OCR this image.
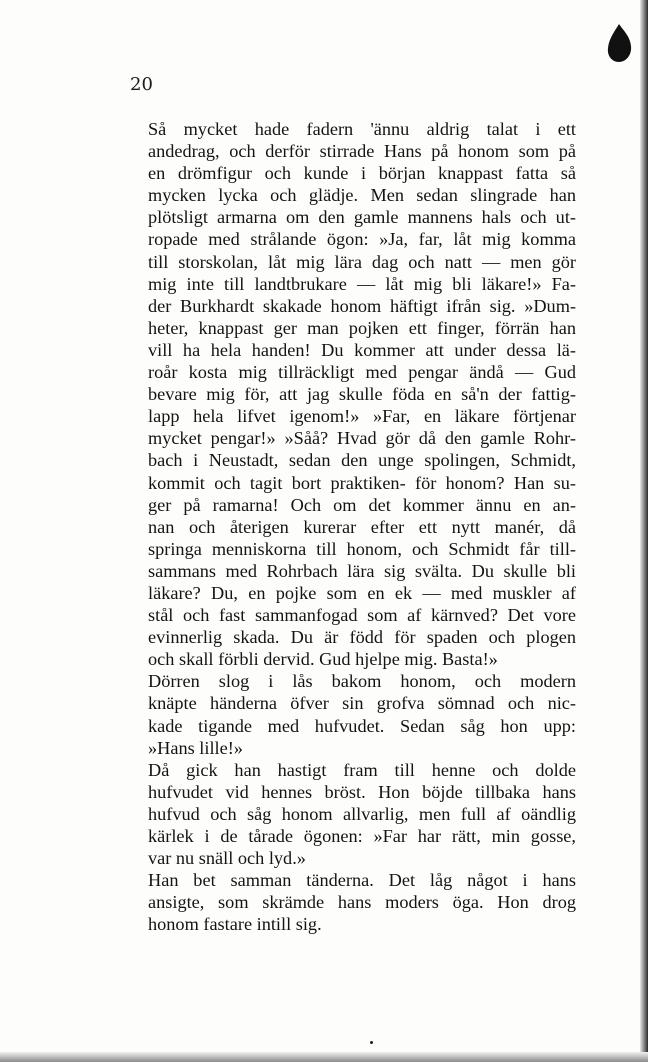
20

Så mycket hade fadern 'ännu aldrig talat i ett
andedrag, och derför stirrade Hans på honom som på
en drömfigur och kunde i början knappast fatta så
mycken lycka och glädje. Men sedan slingrade han
plötsligt armarna om den gamle mannens hals och ut-
ropade med strålande ögon: »Ja, far, låt mig komma
till storskolan, låt mig lära dag och natt — men gör
mig inte till landtbrukare — låt mig bli läkare!» Fa-
der Burkhardt skakade honom häftigt ifrån sig. »Dum-
heter, knappast ger man pojken ett finger, förrän han
vill ha hela handen! Du kommer att under dessa lä-
roår kosta mig tillräckligt med pengar ändå — Gud
bevare mig för, att jag skulle föda en så'n der fattig-
lapp hela lifvet igenom!» »Far, en läkare förtjenar
mycket pengar!» »Såå? Hvad gör då den gamle Rohr-
bach i Neustadt, sedan den unge spolingen, Schmidt,
kommit och tagit bort praktiken- för honom? Han su-
ger på ramarna! Och om det kommer ännu en an-
nan och återigen kurerar efter ett nytt manér, då
springa menniskorna till honom, och Schmidt får till-
sammans med Rohrbach lära sig svälta. Du skulle bli
läkare? Du, en pojke som en ek — med muskler af
stål och fast sammanfogad som af kärnved? Det vore
evinnerlig skada. Du är född för spaden och plogen
och skall förbli dervid. Gud hjelpe mig. Basta!»

Dörren slog i lås bakom honom, och modern
knäpte händerna öfver sin grofva sömnad och nic-
kade tigande med hufvudet. Sedan såg hon upp:
»Hans lille!»

Då gick han hastigt fram till henne och dolde
hufvudet vid hennes bröst. Hon böjde tillbaka hans
hufvud och såg honom allvarlig, men full af oändlig
kärlek i de tårade ögonen: »Far har rätt, min gosse,
var nu snäll och lyd.»

Han bet samman tänderna. Det låg något i hans
ansigte, som skrämde hans moders öga. Hon drog
honom fastare intill sig.
